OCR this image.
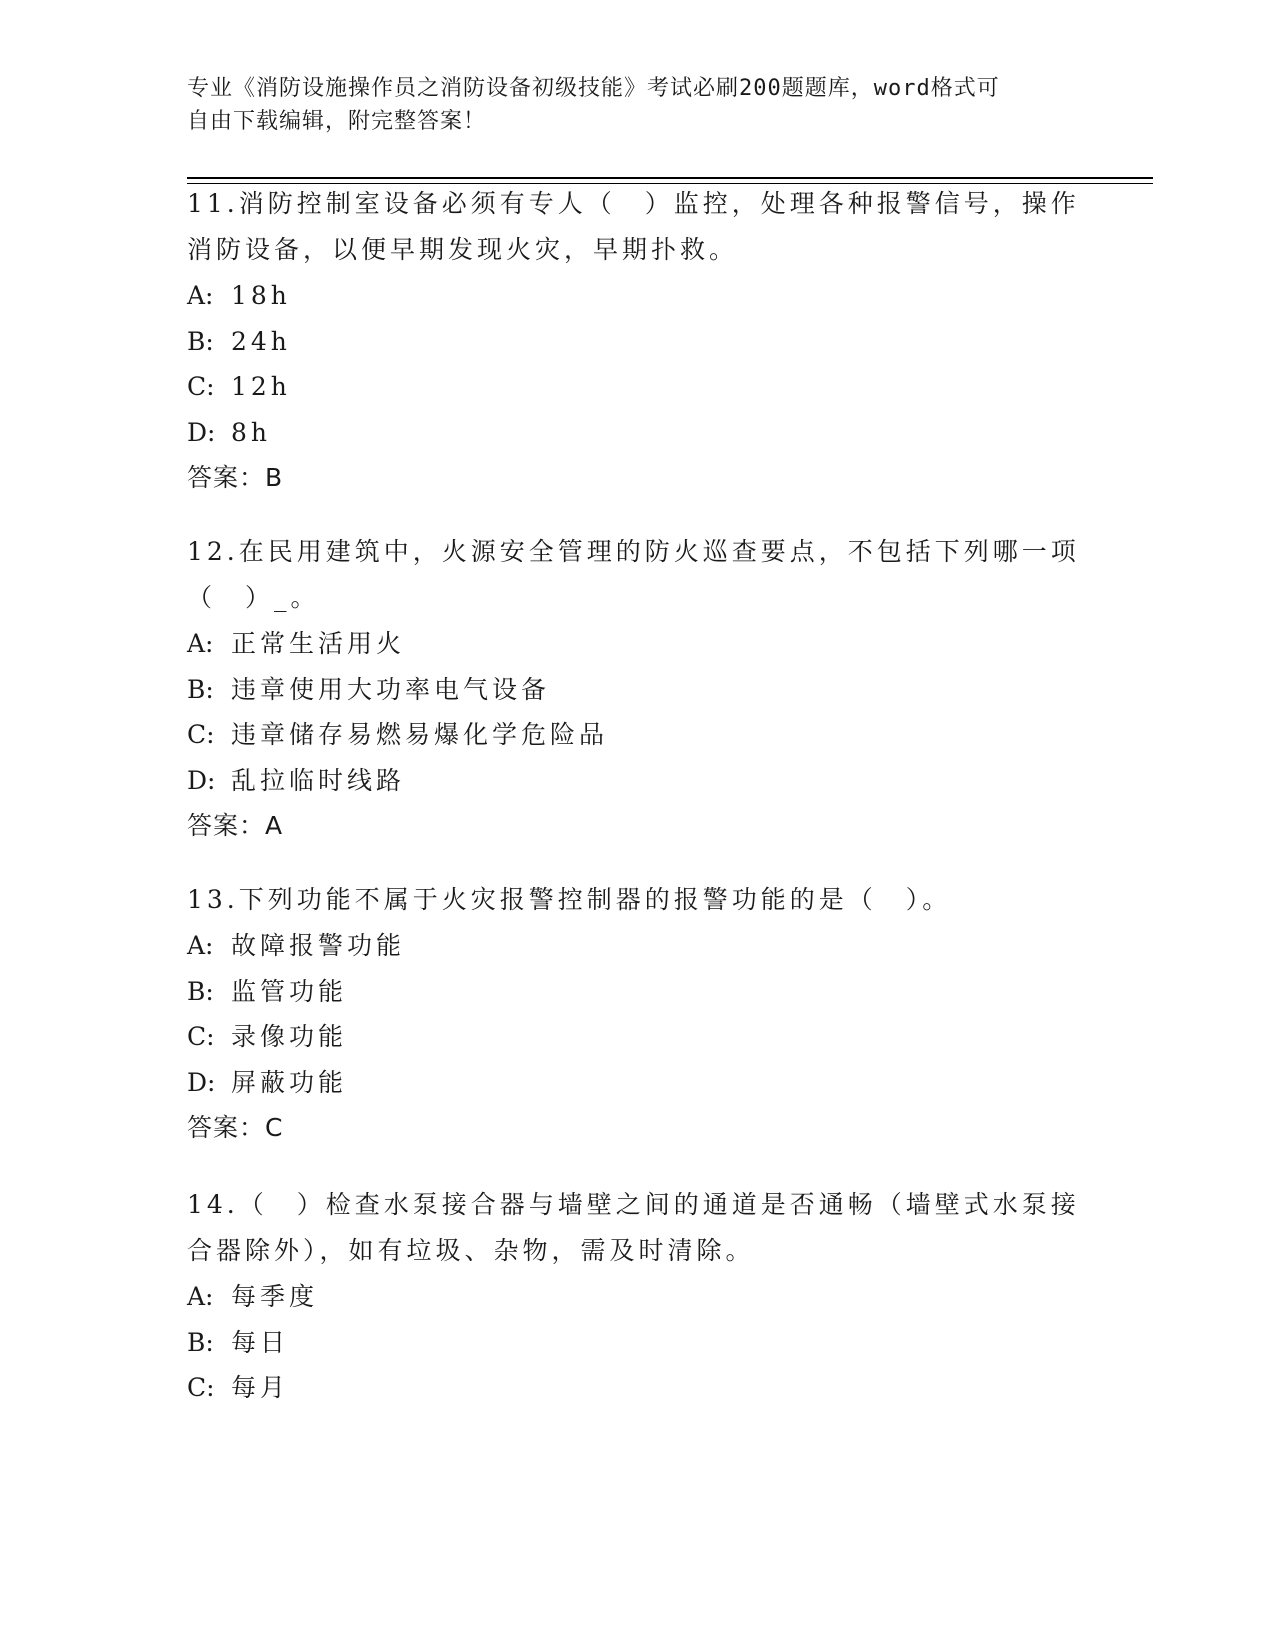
专业《消防设施操作员之消防设备初级技能》考试必刷200题题库，word格式可
自由下载编辑，附完整答案！
11.消防控制室设备必须有专人（　）监控，处理各种报警信号，操作
消防设备，以便早期发现火灾，早期扑救。
A: 18h
B: 24h
C: 12h
D: 8h
答案：B
12.在民用建筑中，火源安全管理的防火巡查要点，不包括下列哪一项
（　）_。
A: 正常生活用火
B: 违章使用大功率电气设备
C: 违章储存易燃易爆化学危险品
D: 乱拉临时线路
答案：A
13.下列功能不属于火灾报警控制器的报警功能的是（　）。
A: 故障报警功能
B: 监管功能
C: 录像功能
D: 屏蔽功能
答案：C
14.（　）检查水泵接合器与墙壁之间的通道是否通畅（墙壁式水泵接
合器除外），如有垃圾、杂物，需及时清除。
A: 每季度
B: 每日
C: 每月
